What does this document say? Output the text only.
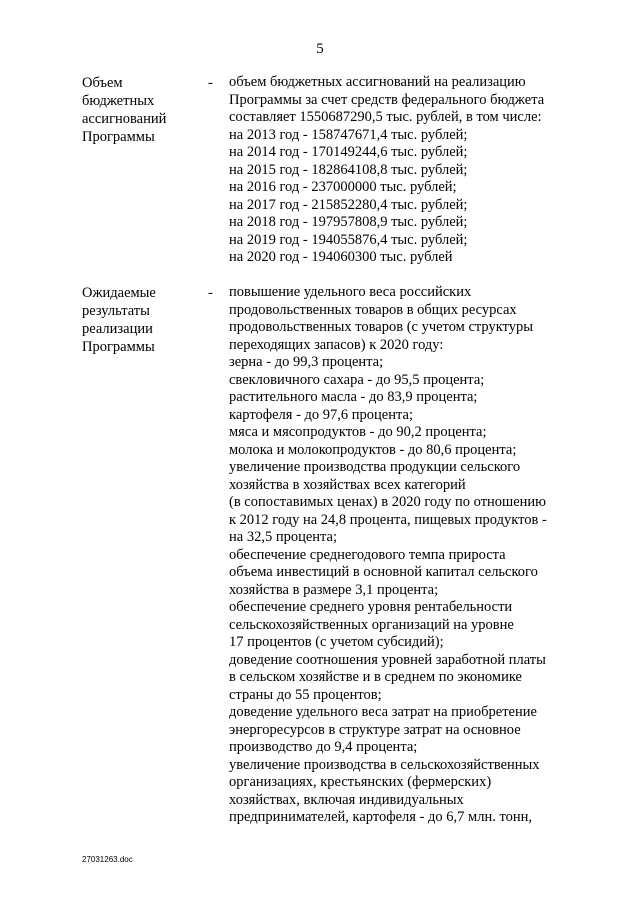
5
Объем
бюджетных
ассигнований
Программы
- объем бюджетных ассигнований на реализацию
Программы за счет средств федерального бюджета
составляет 1550687290,5 тыс. рублей, в том числе:
на 2013 год - 158747671,4 тыс. рублей;
на 2014 год - 170149244,6 тыс. рублей;
на 2015 год - 182864108,8 тыс. рублей;
на 2016 год - 237000000 тыс. рублей;
на 2017 год - 215852280,4 тыс. рублей;
на 2018 год - 197957808,9 тыс. рублей;
на 2019 год - 194055876,4 тыс. рублей;
на 2020 год - 194060300 тыс. рублей
Ожидаемые
результаты
реализации
Программы
- повышение удельного веса российских
продовольственных товаров в общих ресурсах
продовольственных товаров (с учетом структуры
переходящих запасов) к 2020 году:
зерна - до 99,3 процента;
свекловичного сахара - до 95,5 процента;
растительного масла - до 83,9 процента;
картофеля - до 97,6 процента;
мяса и мясопродуктов - до 90,2 процента;
молока и молокопродуктов - до 80,6 процента;
увеличение производства продукции сельского
хозяйства в хозяйствах всех категорий
(в сопоставимых ценах) в 2020 году по отношению
к 2012 году на 24,8 процента, пищевых продуктов -
на 32,5 процента;
обеспечение среднегодового темпа прироста
объема инвестиций в основной капитал сельского
хозяйства в размере 3,1 процента;
обеспечение среднего уровня рентабельности
сельскохозяйственных организаций на уровне
17 процентов (с учетом субсидий);
доведение соотношения уровней заработной платы
в сельском хозяйстве и в среднем по экономике
страны до 55 процентов;
доведение удельного веса затрат на приобретение
энергоресурсов в структуре затрат на основное
производство до 9,4 процента;
увеличение производства в сельскохозяйственных
организациях, крестьянских (фермерских)
хозяйствах, включая индивидуальных
предпринимателей, картофеля - до 6,7 млн. тонн,
27031263.doc
